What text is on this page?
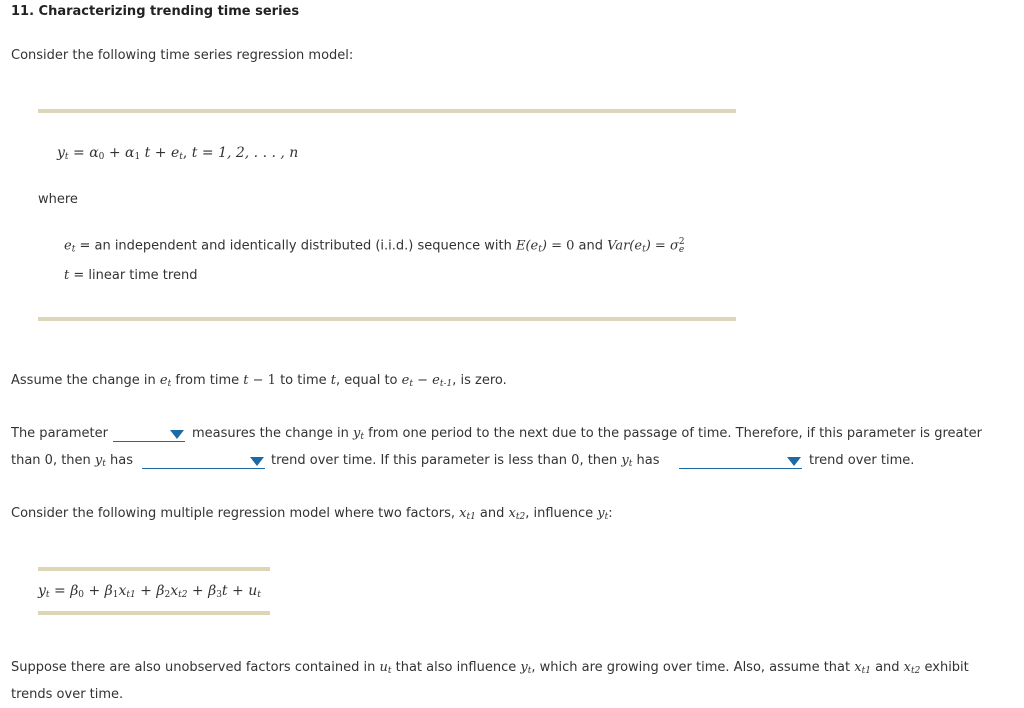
11. Characterizing trending time series
Consider the following time series regression model:
$y_t = \alpha_0 + \alpha_1$ $t + e_t$, t = 1, 2, . . . , n
where
$e_t$ = an independent and identically distributed (i.i.d.) sequence with $E(e_t) = 0$ and $Var(e_t) = \sigma$ 2
e
t = linear time trend
Assume the change in $e_t$ from time t − 1 to time t, equal to $e_t - e_{t-1}$, is zero.
The parameter	measures the change in $y_t$ from one period to the next due to the passage of time. Therefore, if this parameter is greater
than 0, then $y_t$ has	trend over time. If this parameter is less than 0, then $y_t$ has	trend over time.
Consider the following multiple regression model where two factors, $x_{t1}$ and $x_{t2}$, influence $y_t$:
$y_t = \beta_0 + \beta_1x_{t1} + \beta_2x_{t2} + \beta_3t + u_t$
Suppose there are also unobserved factors contained in $u_t$ that also influence $y_t$, which are growing over time. Also, assume that $x_{t1}$ and $x_{t2}$ exhibit
trends over time.
